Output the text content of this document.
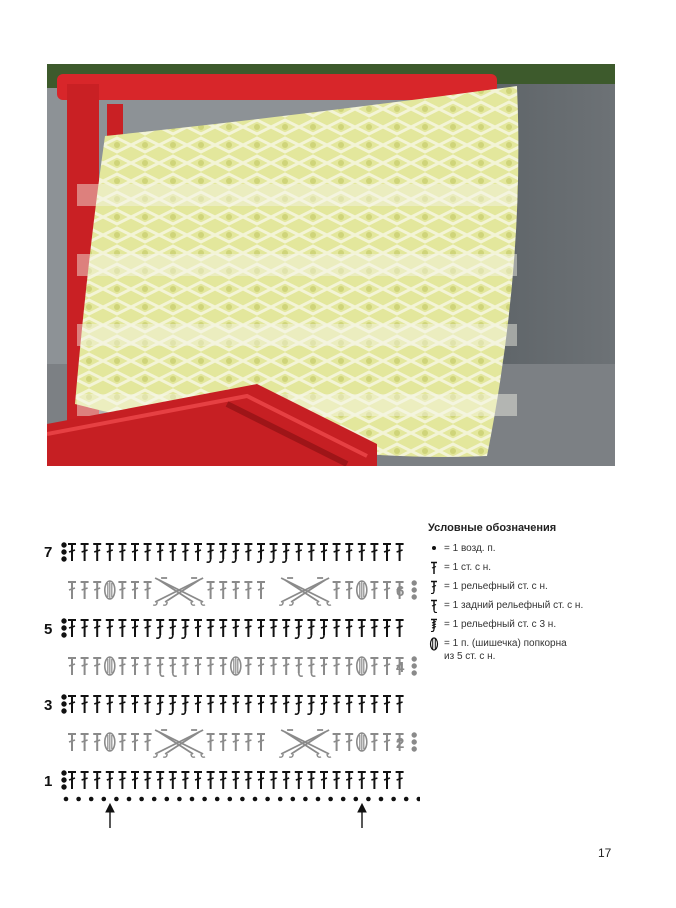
7
5
3
1
6
4
2
Условные обозначения
= 1 возд. п.
= 1 ст. с н.
= 1 рельефный ст. с н.
= 1 задний рельефный ст. с н.
= 1 рельефный ст. с 3 н.
= 1 п. (шишечка) попкорна
из 5 ст. с н.
17
